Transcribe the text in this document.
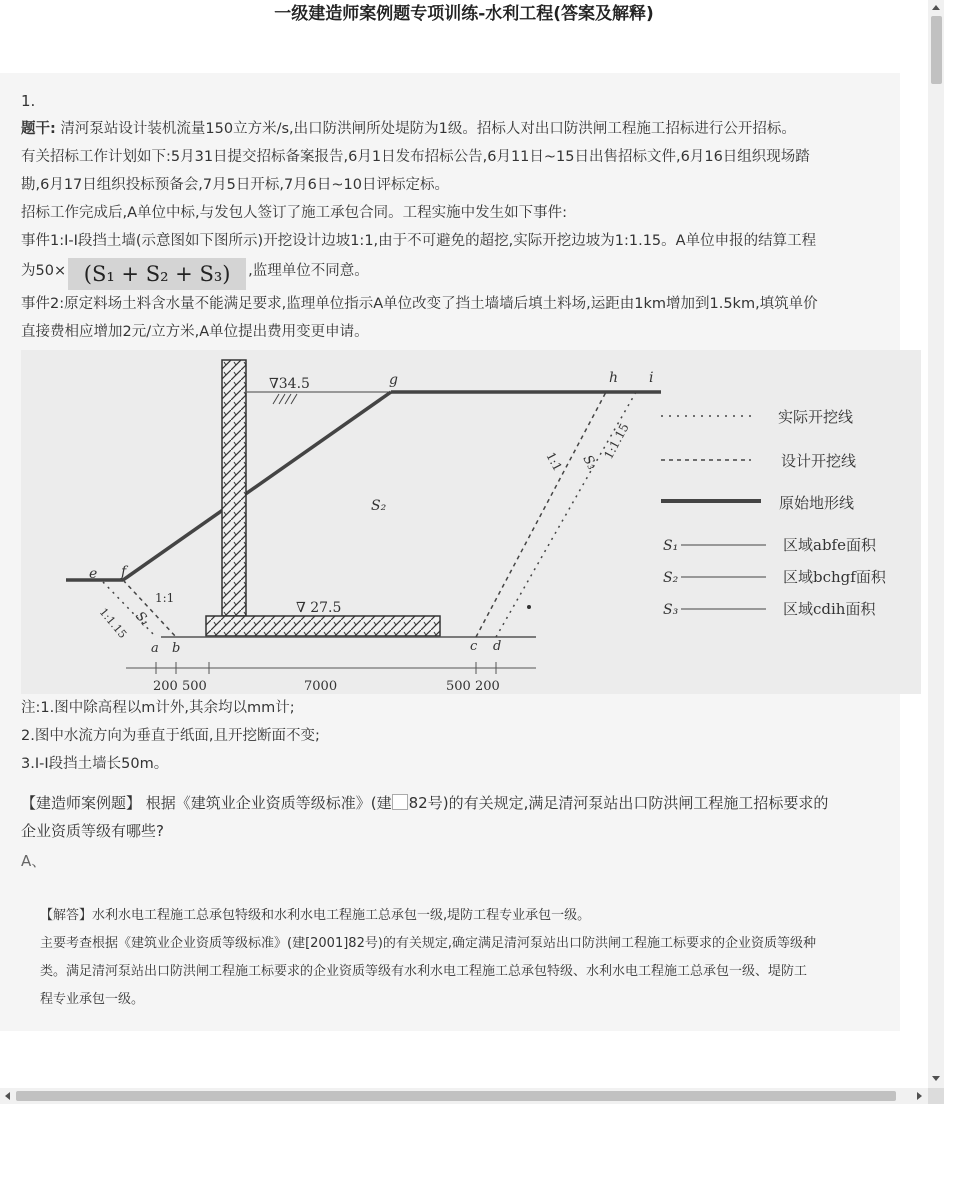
一级建造师案例题专项训练-水利工程(答案及解释)

1.

题干: 清河泵站设计装机流量150立方米/s,出口防洪闸所处堤防为1级。招标人对出口防洪闸工程施工招标进行公开招标。

有关招标工作计划如下:5月31日提交招标备案报告,6月1日发布招标公告,6月11日~15日出售招标文件,6月16日组织现场踏

勘,6月17日组织投标预备会,7月5日开标,7月6日~10日评标定标。

招标工作完成后,A单位中标,与发包人签订了施工承包合同。工程实施中发生如下事件:

事件1:I-I段挡土墙(示意图如下图所示)开挖设计边坡1:1,由于不可避免的超挖,实际开挖边坡为1:1.15。A单位申报的结算工程

为50× (S₁ + S₂ + S₃) ,监理单位不同意。

事件2:原定料场土料含水量不能满足要求,监理单位指示A单位改变了挡土墙墙后填土料场,运距由1km增加到1.5km,填筑单价

直接费相应增加2元/立方米,A单位提出费用变更申请。

∇34.5
∇ 27.5
g	h i
e f
a b	c d
1:1
1:1.15
1:1
1:1.15
S₁
S₂
S₃
200 500	7000	500 200
实际开挖线
设计开挖线
原始地形线
S₁	区域abfe面积
S₂	区域bchgf面积
S₃	区域cdih面积

注:1.图中除高程以m计外,其余均以mm计;

2.图中水流方向为垂直于纸面,且开挖断面不变;

3.I-I段挡土墙长50m。

【建造师案例题】 根据《建筑业企业资质等级标准》(建 82号)的有关规定,满足清河泵站出口防洪闸工程施工招标要求的
企业资质等级有哪些?
A、

【解答】水利水电工程施工总承包特级和水利水电工程施工总承包一级,堤防工程专业承包一级。

主要考查根据《建筑业企业资质等级标准》(建[2001]82号)的有关规定,确定满足清河泵站出口防洪闸工程施工标要求的企业资质等级种

类。满足清河泵站出口防洪闸工程施工标要求的企业资质等级有水利水电工程施工总承包特级、水利水电工程施工总承包一级、堤防工

程专业承包一级。
